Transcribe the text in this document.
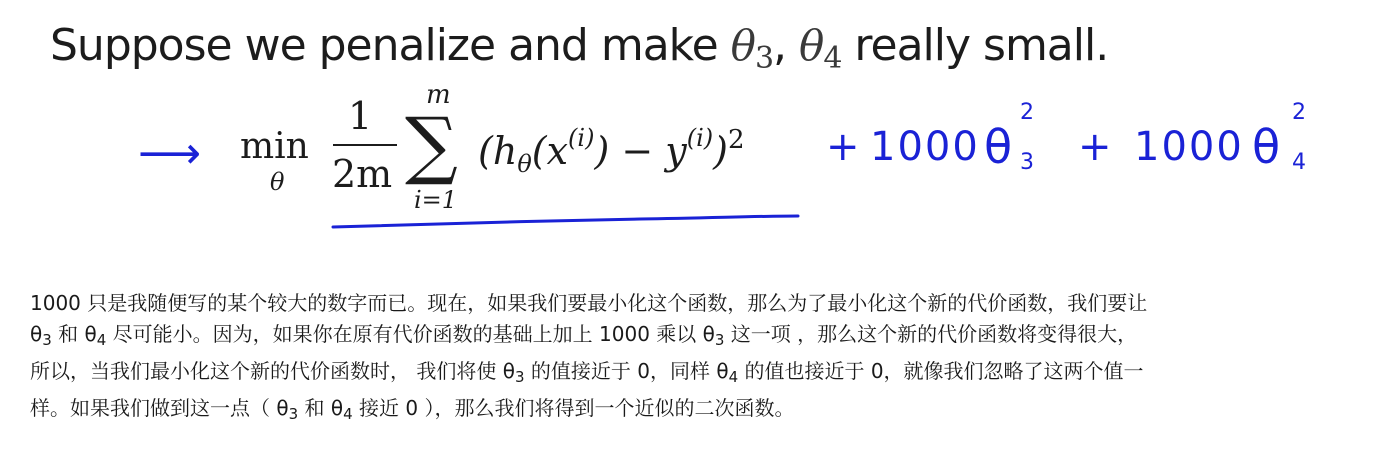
Suppose we penalize and make θ3, θ4 really small.
⟶ min
θ
1
2m
m
∑
i=1
$(h_\theta(x^{(i)}) - y^{(i)})^2 + 1000$ θ
2
3 + 1000 θ
2
4

1000 只是我随便写的某个较大的数字而已。现在，如果我们要最小化这个函数，那么为了最小化这个新的代价函数，我们要让

$\theta_3$ 和 $\theta_4$ 尽可能小。因为，如果你在原有代价函数的基础上加上 1000 乘以 $\theta_3$ 这一项 ，那么这个新的代价函数将变得很大，

所以，当我们最小化这个新的代价函数时， 我们将使 $\theta_3$ 的值接近于 0，同样 $\theta_4$ 的值也接近于 0，就像我们忽略了这两个值一

样。如果我们做到这一点（ $\theta_3$ 和 $\theta_4$ 接近 0 ），那么我们将得到一个近似的二次函数。
